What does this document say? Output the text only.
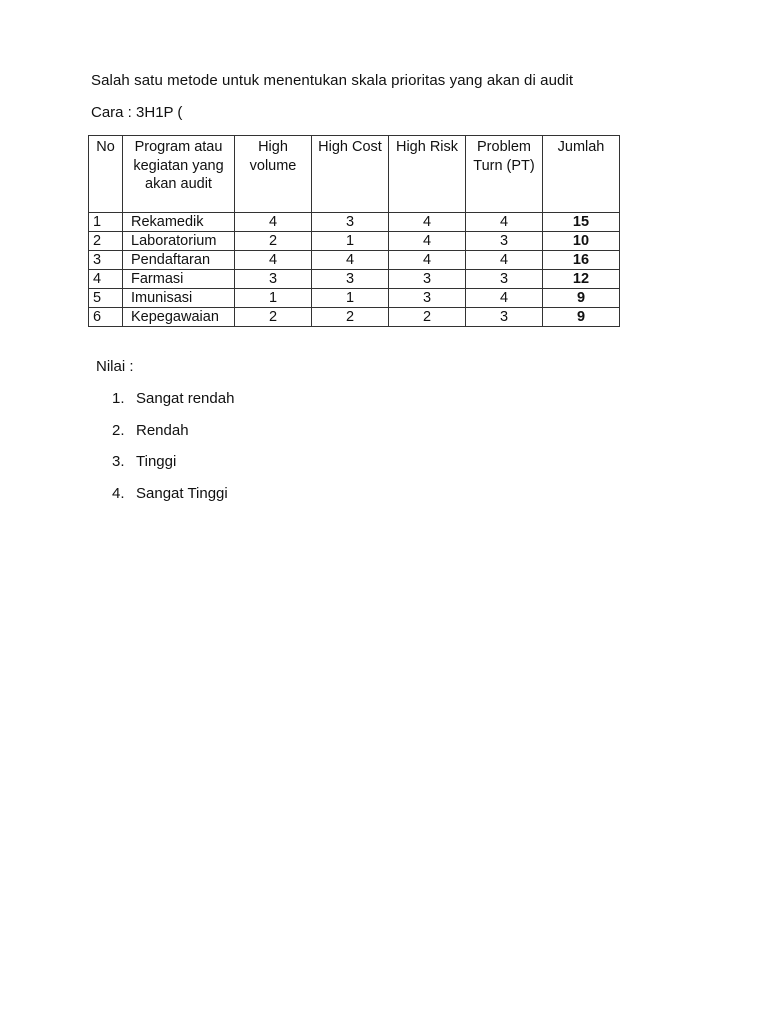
Salah satu metode untuk menentukan skala prioritas yang akan di audit
Cara : 3H1P (
No	Program atau kegiatan yang akan audit	High volume	High Cost	High Risk	Problem Turn (PT)	Jumlah
1	Rekamedik	4	3	4	4	15
2	Laboratorium	2	1	4	3	10
3	Pendaftaran	4	4	4	4	16
4	Farmasi	3	3	3	3	12
5	Imunisasi	1	1	3	4	9
6	Kepegawaian	2	2	2	3	9
Nilai :
1. Sangat rendah
2. Rendah
3. Tinggi
4. Sangat Tinggi
